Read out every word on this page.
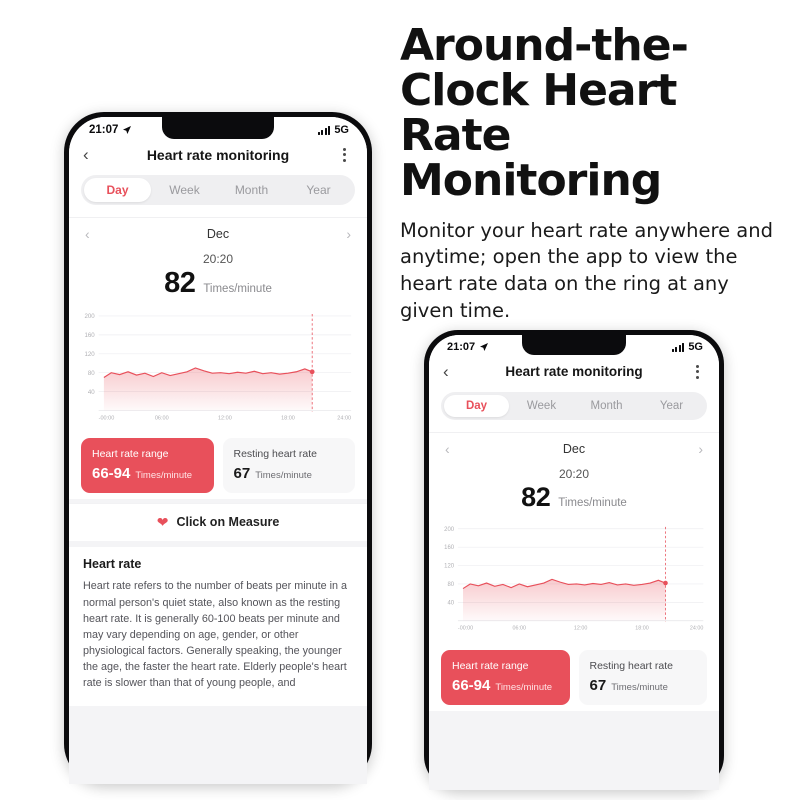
Around-the-Clock Heart Rate Monitoring

Monitor your heart rate anywhere and anytime; open the app to view the heart rate data on the ring at any given time.

21:07	5G
‹	Heart rate monitoring
Day	Week	Month	Year
‹	Dec	›
20:20
82 Times/minute
40
80
120
160
200
-00:00	06:00	12:00	18:00	24:00
Heart rate range
66-94 Times/minute
Resting heart rate
67 Times/minute
❤ Click on Measure
Heart rate

Heart rate refers to the number of beats per minute in a normal person's quiet state, also known as the resting heart rate. It is generally 60-100 beats per minute and may vary depending on age, gender, or other physiological factors. Generally speaking, the younger the age, the faster the heart rate. Elderly people's heart rate is slower than that of young people, and

21:07	5G
‹	Heart rate monitoring
Day	Week	Month	Year
‹	Dec	›
20:20
82 Times/minute
40
80
120
160
200
-00:00	06:00	12:00	18:00	24:00
Heart rate range
66-94 Times/minute
Resting heart rate
67 Times/minute
